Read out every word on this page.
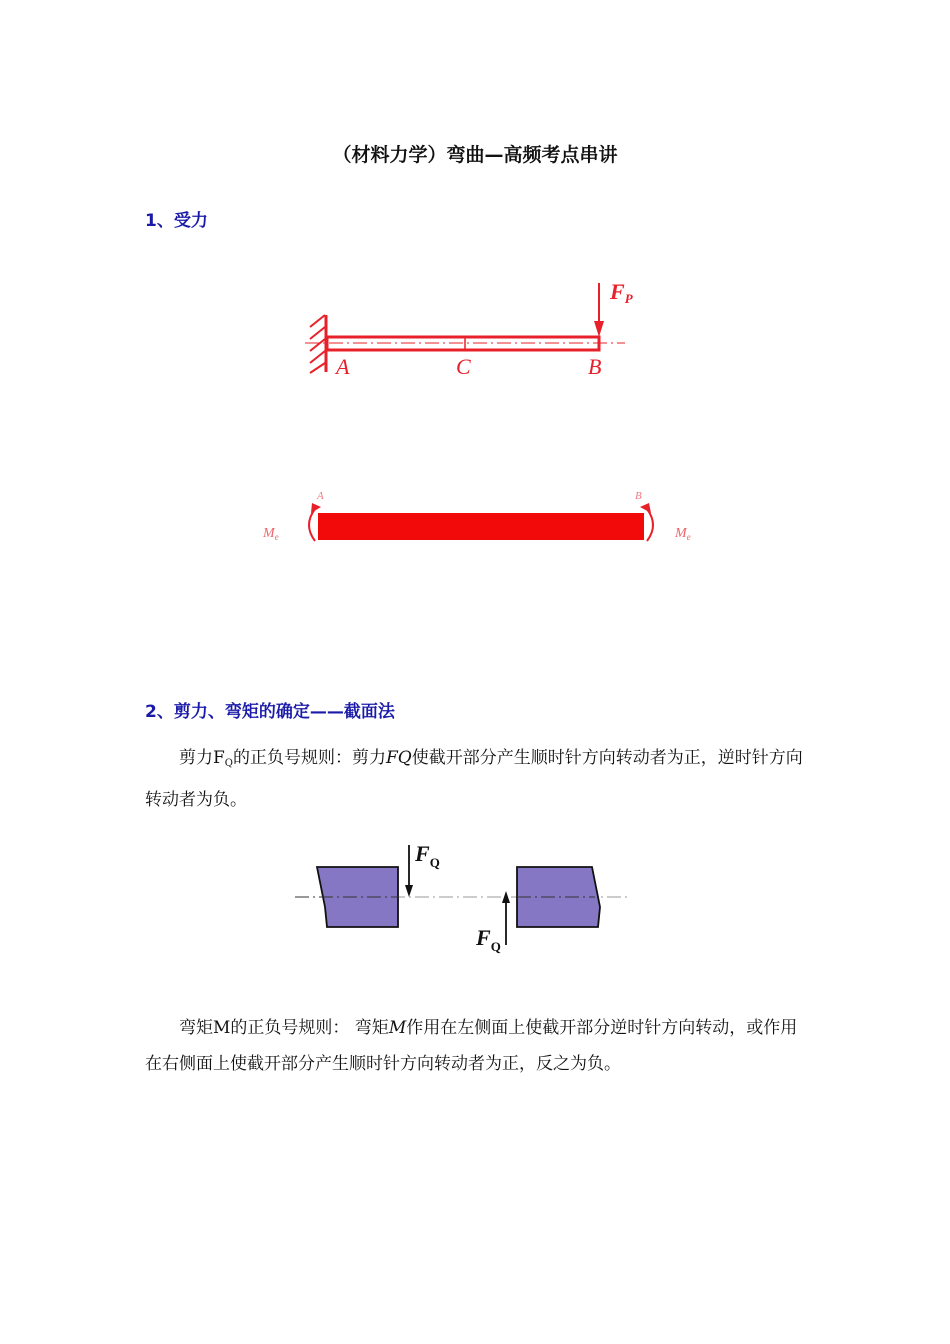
（材料力学）弯曲—高频考点串讲
1、受力
FP
A	C	B
$M_e$	$M_e$
A	B
2、剪力、弯矩的确定——截面法
剪力$F_Q$的正负号规则：剪力FQ使截开部分产生顺时针方向转动者为正，逆时针方向转动者为负。
$F_Q$
$F_Q$
弯矩M的正负号规则： 弯矩M作用在左侧面上使截开部分逆时针方向转动，或作用在右侧面上使截开部分产生顺时针方向转动者为正，反之为负。
